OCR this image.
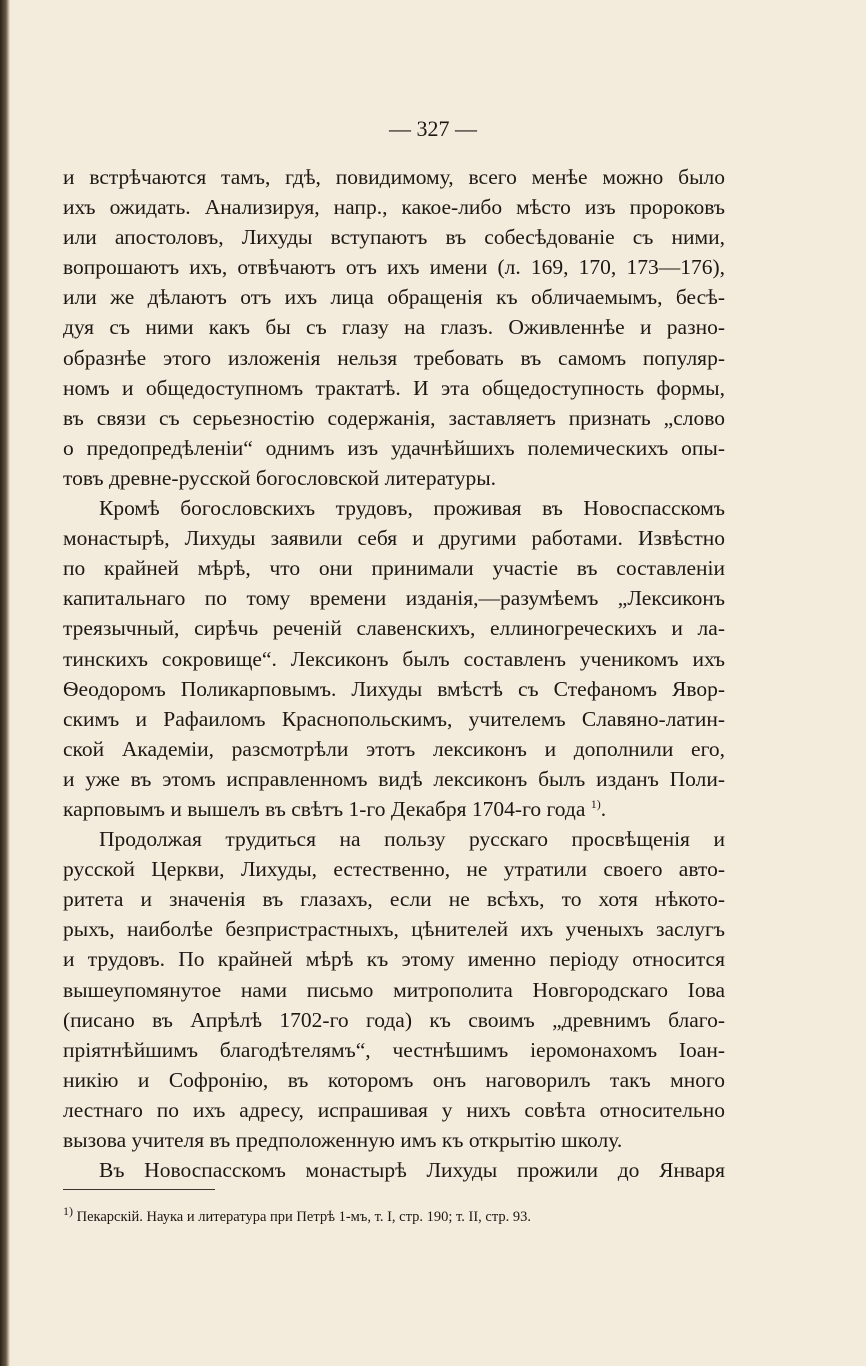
— 327 —
и встрѣчаются тамъ, гдѣ, повидимому, всего менѣе можно было
ихъ ожидать. Анализируя, напр., какое-либо мѣсто изъ пророковъ
или апостоловъ, Лихуды вступаютъ въ собесѣдованіе съ ними,
вопрошаютъ ихъ, отвѣчаютъ отъ ихъ имени (л. 169, 170, 173—176),
или же дѣлаютъ отъ ихъ лица обращенія къ обличаемымъ, бесѣ-
дуя съ ними какъ бы съ глазу на глазъ. Оживленнѣе и разно-
образнѣе этого изложенія нельзя требовать въ самомъ популяр-
номъ и общедоступномъ трактатѣ. И эта общедоступность формы,
въ связи съ серьезностію содержанія, заставляетъ признать „слово
о предопредѣленіи“ однимъ изъ удачнѣйшихъ полемическихъ опы-
товъ древне-русской богословской литературы.
Кромѣ богословскихъ трудовъ, проживая въ Новоспасскомъ
монастырѣ, Лихуды заявили себя и другими работами. Извѣстно
по крайней мѣрѣ, что они принимали участіе въ составленіи
капитальнаго по тому времени изданія,—разумѣемъ „Лексиконъ
треязычный, сирѣчь реченій славенскихъ, еллиногреческихъ и ла-
тинскихъ сокровище“. Лексиконъ былъ составленъ ученикомъ ихъ
Ѳеодоромъ Поликарповымъ. Лихуды вмѣстѣ съ Стефаномъ Явор-
скимъ и Рафаиломъ Краснопольскимъ, учителемъ Славяно-латин-
ской Академіи, разсмотрѣли этотъ лексиконъ и дополнили его,
и уже въ этомъ исправленномъ видѣ лексиконъ былъ изданъ Поли-
карповымъ и вышелъ въ свѣтъ 1-го Декабря 1704-го года $^{1)}$.
Продолжая трудиться на пользу русскаго просвѣщенія и
русской Церкви, Лихуды, естественно, не утратили своего авто-
ритета и значенія въ глазахъ, если не всѣхъ, то хотя нѣкото-
рыхъ, наиболѣе безпристрастныхъ, цѣнителей ихъ ученыхъ заслугъ
и трудовъ. По крайней мѣрѣ къ этому именно періоду относится
вышеупомянутое нами письмо митрополита Новгородскаго Іова
(писано въ Апрѣлѣ 1702-го года) къ своимъ „древнимъ благо-
пріятнѣйшимъ благодѣтелямъ“, честнѣшимъ іеромонахомъ Іоан-
никію и Софронію, въ которомъ онъ наговорилъ такъ много
лестнаго по ихъ адресу, испрашивая у нихъ совѣта относительно
вызова учителя въ предположенную имъ къ открытію школу.
Въ Новоспасскомъ монастырѣ Лихуды прожили до Января
$^{1)}$ Пекарскій. Наука и литература при Петрѣ 1-мъ, т. I, стр. 190; т. II, стр. 93.
